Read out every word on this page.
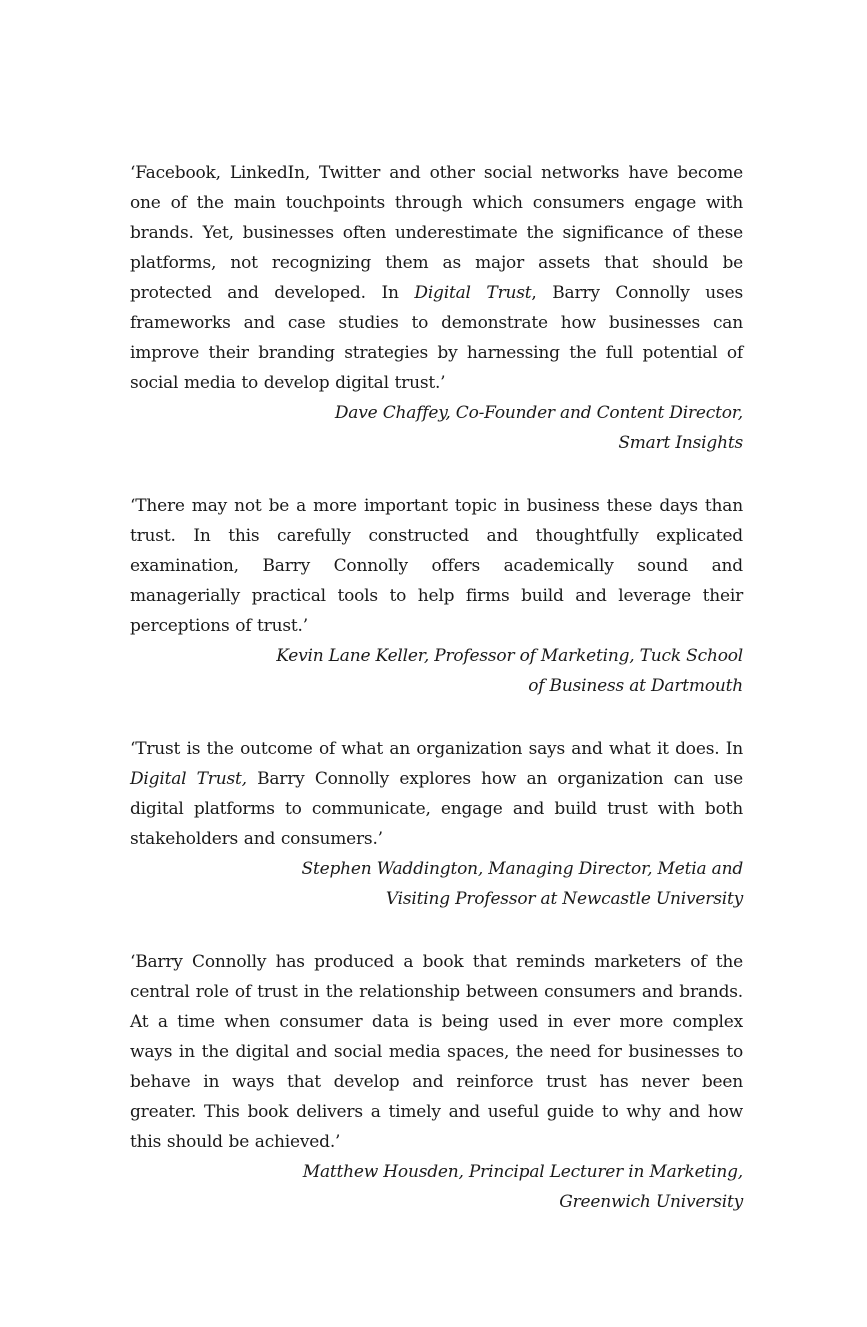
‘Facebook, LinkedIn, Twitter and other social networks have become one of the main touchpoints through which consumers engage with brands. Yet, businesses often underestimate the significance of these platforms, not recognizing them as major assets that should be protected and developed. In Digital Trust, Barry Connolly uses frameworks and case studies to demonstrate how businesses can improve their branding strategies by harnessing the full potential of social media to develop digital trust.’

Dave Chaffey, Co-Founder and Content Director,
Smart Insights

‘There may not be a more important topic in business these days than trust. In this carefully constructed and thoughtfully explicated examination, Barry Connolly offers academically sound and managerially practical tools to help firms build and leverage their perceptions of trust.’

Kevin Lane Keller, Professor of Marketing, Tuck School
of Business at Dartmouth

‘Trust is the outcome of what an organization says and what it does. In Digital Trust, Barry Connolly explores how an organization can use digital platforms to communicate, engage and build trust with both stakeholders and consumers.’

Stephen Waddington, Managing Director, Metia and
Visiting Professor at Newcastle University

‘Barry Connolly has produced a book that reminds marketers of the central role of trust in the relationship between consumers and brands. At a time when consumer data is being used in ever more complex ways in the digital and social media spaces, the need for businesses to behave in ways that develop and reinforce trust has never been greater. This book delivers a timely and useful guide to why and how this should be achieved.’

Matthew Housden, Principal Lecturer in Marketing,
Greenwich University
